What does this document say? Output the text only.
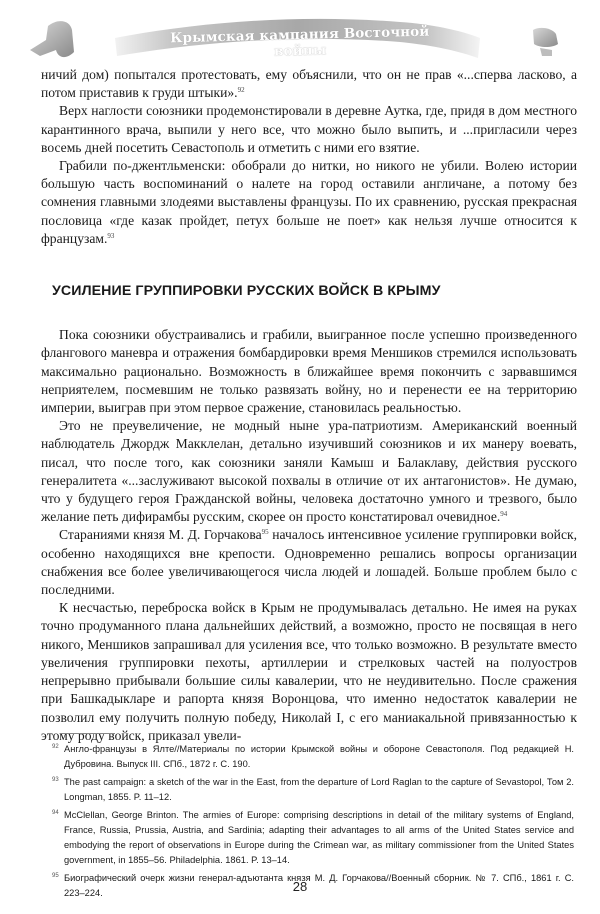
Крымская кампания Восточной войны

ничий дом) попытался протестовать, ему объяснили, что он не прав «...сперва ласково, а потом приставив к груди штыки».$^{92}$

Верх наглости союзники продемонстировали в деревне Аутка, где, придя в дом местного карантинного врача, выпили у него все, что можно было выпить, и ...пригласили через восемь дней посетить Севастополь и отметить с ними его взятие.

Грабили по-джентльменски: обобрали до нитки, но никого не убили. Волею истории большую часть воспоминаний о налете на город оставили англичане, а потому без сомнения главными злодеями выставлены французы. По их сравнению, русская прекрасная пословица «где казак пройдет, петух больше не поет» как нельзя лучше относится к французам.$^{93}$

УСИЛЕНИЕ ГРУППИРОВКИ РУССКИХ ВОЙСК В КРЫМУ

Пока союзники обустраивались и грабили, выигранное после успешно произведенного флангового маневра и отражения бомбардировки время Меншиков стремился использовать максимально рационально. Возможность в ближайшее время покончить с зарвавшимся неприятелем, посмевшим не только развязать войну, но и перенести ее на территорию империи, выиграв при этом первое сражение, становилась реальностью.

Это не преувеличение, не модный ныне ура-патриотизм. Американский военный наблюдатель Джордж Макклелан, детально изучивший союзников и их манеру воевать, писал, что после того, как союзники заняли Камыш и Балаклаву, действия русского генералитета «...заслуживают высокой похвалы в отличие от их антагонистов». Не думаю, что у будущего героя Гражданской войны, человека достаточно умного и трезвого, было желание петь дифирамбы русским, скорее он просто констатировал очевидное.$^{94}$

Стараниями князя М. Д. Горчакова$^{95}$ началось интенсивное усиление группировки войск, особенно находящихся вне крепости. Одновременно решались вопросы организации снабжения все более увеличивающегося числа людей и лошадей. Больше проблем было с последними.

К несчастью, переброска войск в Крым не продумывалась детально. Не имея на руках точно продуманного плана дальнейших действий, а возможно, просто не посвящая в него никого, Меншиков запрашивал для усиления все, что только возможно. В результате вместо увеличения группировки пехоты, артиллерии и стрелковых частей на полуостров непрерывно прибывали большие силы кавалерии, что не неудивительно. После сражения при Башкадыкларе и рапорта князя Воронцова, что именно недостаток кавалерии не позволил ему получить полную победу, Николай I, с его маниакальной привязанностью к этому роду войск, приказал увели-

92 Англо-французы в Ялте//Материалы по истории Крымской войны и обороне Севастополя. Под редакцией Н. Дубровина. Выпуск III. СПб., 1872 г. С. 190.
93 The past campaign: a sketch of the war in the East, from the departure of Lord Raglan to the capture of Sevastopol, Том 2. Longman, 1855. P. 11–12.
94 McClellan, George Brinton. The armies of Europe: comprising descriptions in detail of the military systems of England, France, Russia, Prussia, Austria, and Sardinia; adapting their advantages to all arms of the United States service and embodying the report of observations in Europe during the Crimean war, as military commissioner from the United States government, in 1855–56. Philadelphia. 1861. P. 13–14.
95 Биографический очерк жизни генерал-адъютанта князя М. Д. Горчакова//Военный сборник. № 7. СПб., 1861 г. С. 223–224.	28
